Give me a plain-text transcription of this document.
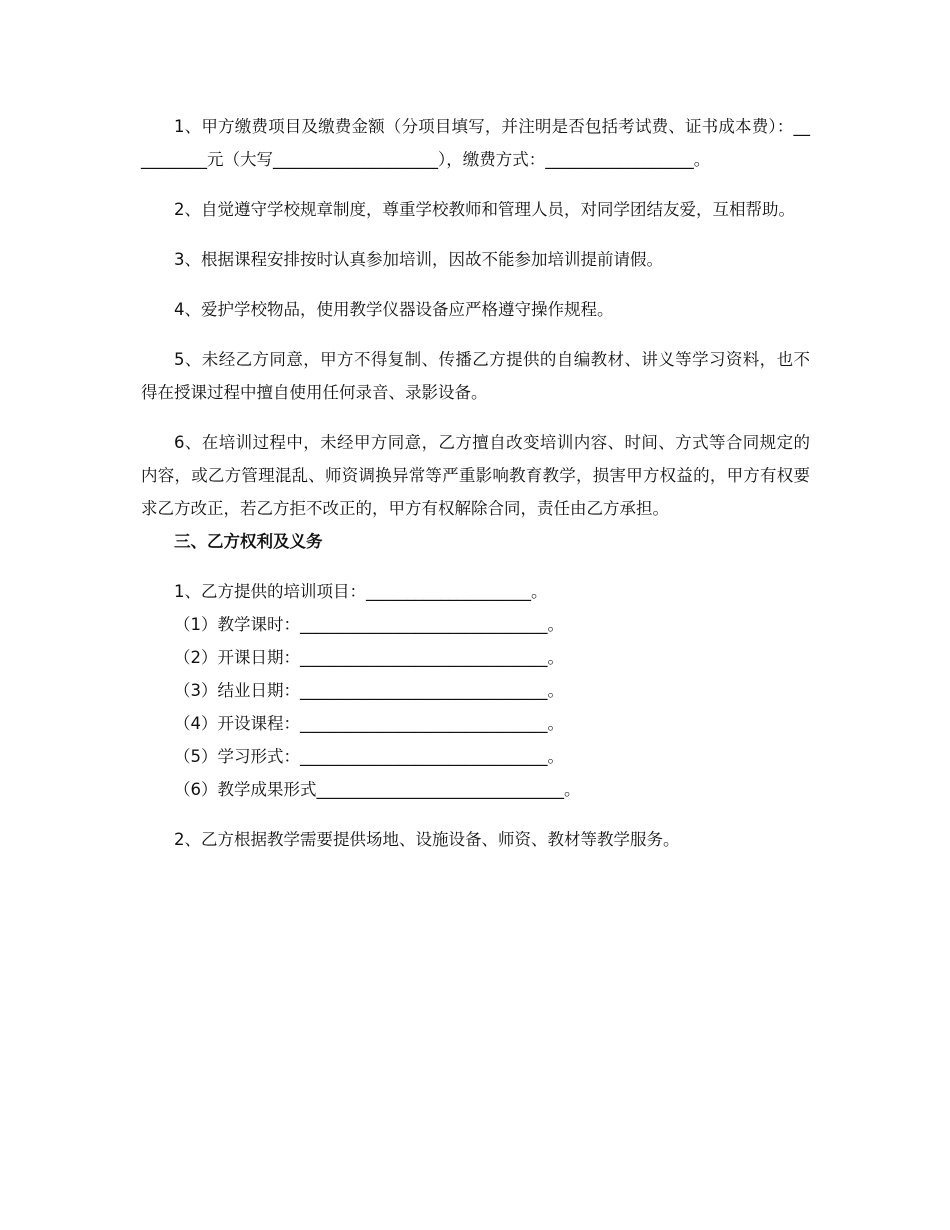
1、甲方缴费项目及缴费金额（分项目填写，并注明是否包括考试费、证书成本费）：__________元（大写____________________），缴费方式：__________________。

2、自觉遵守学校规章制度，尊重学校教师和管理人员，对同学团结友爱，互相帮助。

3、根据课程安排按时认真参加培训，因故不能参加培训提前请假。

4、爱护学校物品，使用教学仪器设备应严格遵守操作规程。

5、未经乙方同意，甲方不得复制、传播乙方提供的自编教材、讲义等学习资料，也不得在授课过程中擅自使用任何录音、录影设备。

6、在培训过程中，未经甲方同意，乙方擅自改变培训内容、时间、方式等合同规定的内容，或乙方管理混乱、师资调换异常等严重影响教育教学，损害甲方权益的，甲方有权要求乙方改正，若乙方拒不改正的，甲方有权解除合同，责任由乙方承担。

三、乙方权利及义务

1、乙方提供的培训项目：____________________。

（1）教学课时：______________________________。

（2）开课日期：______________________________。

（3）结业日期：______________________________。

（4）开设课程：______________________________。

（5）学习形式：______________________________。

（6）教学成果形式______________________________。

2、乙方根据教学需要提供场地、设施设备、师资、教材等教学服务。
